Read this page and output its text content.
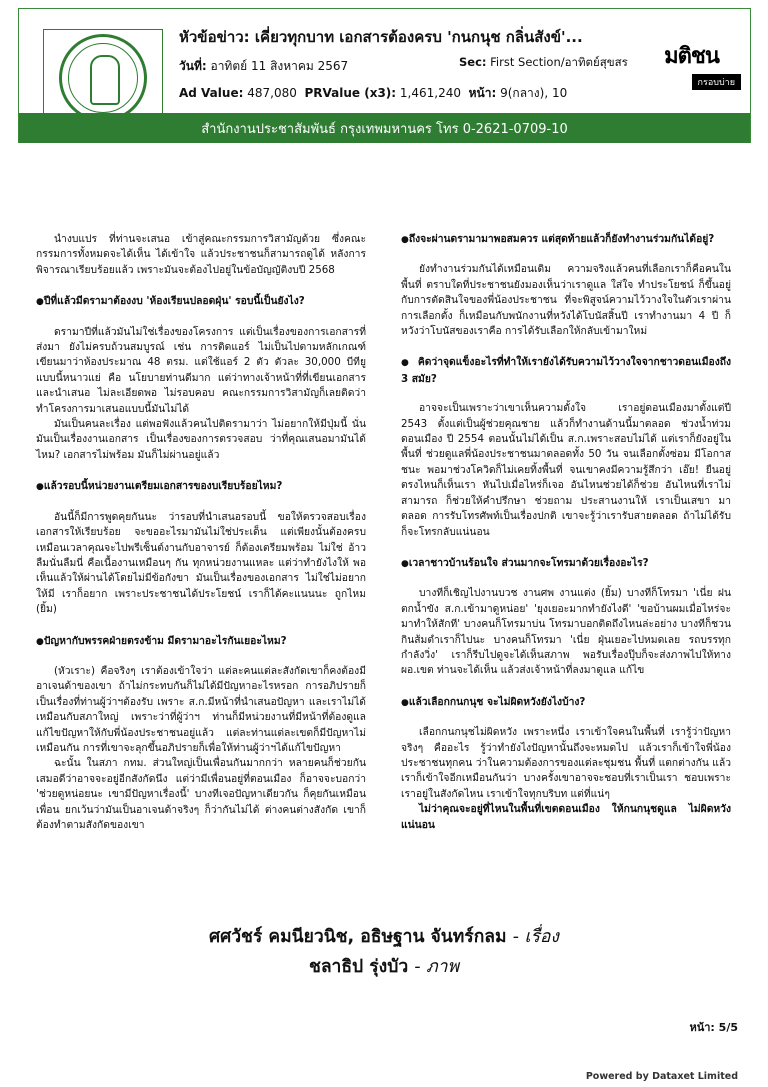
หัวข้อข่าว: เคี่ยวทุกบาท เอกสารต้องครบ 'กนกนุช กลิ่นสังข์'...
วันที่: อาทิตย์ 11 สิงหาคม 2567
Ad Value: 487,080 PRValue (x3): 1,461,240 หน้า: 9(กลาง), 10
Sec: First Section/อาทิตย์สุขสร มติชน
กรอบบ่าย
สำนักงานประชาสัมพันธ์ กรุงเทพมหานคร โทร 0-2621-0709-10

นำงบแปร ที่ท่านจะเสนอ เข้าสู่คณะกรรมการวิสามัญด้วย ซึ่งคณะกรรมการทั้งหมดจะได้เห็น ได้เข้าใจ แล้วประชาชนก็สามารถดูได้ หลังการพิจารณาเรียบร้อยแล้ว เพราะมันจะต้องไปอยู่ในข้อบัญญัติงบปี 2568

● ปีที่แล้วมีดรามาต้องงบ 'ห้องเรียนปลอดฝุ่น' รอบนี้เป็นยังไง?

ดรามาปีที่แล้วมันไม่ใช่เรื่องของโครงการ แต่เป็นเรื่องของการเอกสารที่ส่งมา ยังไม่ครบถ้วนสมบูรณ์ เช่น การติดแอร์ ไม่เป็นไปตามหลักเกณฑ์ เขียนมาว่าห้องประมาณ 48 ตรม. แต่ใช้แอร์ 2 ตัว ตัวละ 30,000 บีทียู แบบนี้หนาวแย่ คือ นโยบายท่านดีมาก แต่ว่าทางเจ้าหน้าที่ที่เขียนเอกสารและนำเสนอ ไม่ละเอียดพอ ไม่รอบคอบ คณะกรรมการวิสามัญก็เลยติดว่า ทำโครงการมาเสนอแบบนี้มันไม่ได้

มันเป็นคนละเรื่อง แต่พอฟังแล้วคนไปติดรามาว่า ไม่อยากให้มีปุ่มนี้ นั่นมันเป็นเรื่องงานเอกสาร เป็นเรื่องของการตรวจสอบ ว่าที่คุณเสนอมามันได้ไหม? เอกสารไม่พร้อม มันก็ไม่ผ่านอยู่แล้ว

● แล้วรอบนี้หน่วยงานเตรียมเอกสารของบเรียบร้อยไหม?

อันนี้ก็มีการพูดคุยกันนะ ว่ารอบที่นำเสนอรอบนี้ ขอให้ตรวจสอบเรื่องเอกสารให้เรียบร้อย จะขออะไรมามันไม่ใช่ประเด็น แต่เพียงนั้นต้องครบ เหมือนเวลาคุณจะไปพรีเซ็นต์งานกับอาจารย์ ก็ต้องเตรียมพร้อม ไม่ใช่ อ้าว ลืมนั่นลืมนี่ คือเนื้องานเหมือนๆ กัน ทุกหน่วยงานแหละ แต่ว่าทำยังไงให้ พอเห็นแล้วให้ผ่านได้โดยไม่มีข้อกังขา มันเป็นเรื่องของเอกสาร ไม่ใช่ไม่อยากให้มี เราก็อยาก เพราะประชาชนได้ประโยชน์ เราก็ได้คะแนนนะ ถูกไหม (ยิ้ม)

● ปัญหากับพรรคฝ่ายตรงข้าม มีดรามาอะไรกันเยอะไหม?

(หัวเราะ) คือจริงๆ เราต้องเข้าใจว่า แต่ละคนแต่ละสังกัดเขาก็คงต้องมีอาเจนด้าของเขา ถ้าไม่กระทบกันก็ไม่ได้มีปัญหาอะไรหรอก การอภิปรายก็เป็นเรื่องที่ท่านผู้ว่าฯต้องรับ เพราะ ส.ก.มีหน้าที่นำเสนอปัญหา และเราไม่ได้เหมือนกับสภาใหญ่ เพราะว่าที่ผู้ว่าฯ ท่านก็มีหน่วยงานที่มีหน้าที่ต้องดูแล แก้ไขปัญหาให้กับพี่น้องประชาชนอยู่แล้ว แต่ละท่านแต่ละเขตก็มีปัญหาไม่เหมือนกัน การที่เขาจะลุกขึ้นอภิปรายก็เพื่อให้ท่านผู้ว่าฯได้แก้ไขปัญหา

ฉะนั้น ในสภา กทม. ส่วนใหญ่เป็นเพื่อนกันมากกว่า หลายคนก็ช่วยกัน เสมอดีว่าอาจจะอยู่อีกสังกัดนึง แต่ว่ามีเพื่อนอยู่ที่ตอนเมือง ก็อาจจะบอกว่า 'ช่วยดูหน่อยนะ เขามีปัญหาเรื่องนี้' บางทีเจอปัญหาเดียวกัน ก็คุยกันเหมือนเพื่อน ยกเว้นว่ามันเป็นอาเจนด้าจริงๆ ก็ว่ากันไม่ได้ ต่างคนต่างสังกัด เขาก็ต้องทำตามสังกัดของเขา

● ถึงจะผ่านดรามามาพอสมควร แต่สุดท้ายแล้วก็ยังทำงานร่วมกันได้อยู่?

ยังทำงานร่วมกันได้เหมือนเดิม ความจริงแล้วคนที่เลือกเราก็คือคนในพื้นที่ ตราบใดที่ประชาชนยังมองเห็นว่าเราดูแล ใส่ใจ ทำประโยชน์ ก็ขึ้นอยู่กับการตัดสินใจของพี่น้องประชาชน ที่จะพิสูจน์ความไว้วางใจในตัวเราผ่านการเลือกตั้ง ก็เหมือนกับพนักงานที่หวังได้โบนัสสิ้นปี เราทำงานมา 4 ปี ก็หวังว่าโบนัสของเราคือ การได้รับเลือกให้กลับเข้ามาใหม่

● คิดว่าจุดแข็งอะไรที่ทำให้เรายังได้รับความไว้วางใจจากชาวดอนเมืองถึง 3 สมัย?

อาจจะเป็นเพราะว่าเขาเห็นความตั้งใจ เราอยู่ดอนเมืองมาตั้งแต่ปี 2543 ตั้งแต่เป็นผู้ช่วยคุณชาย แล้วก็ทำงานด้านนี้มาตลอด ช่วงน้ำท่วมดอนเมือง ปี 2554 ตอนนั้นไม่ได้เป็น ส.ก.เพราะสอบไม่ได้ แต่เราก็ยังอยู่ในพื้นที่ ช่วยดูแลพี่น้องประชาชนมาตลอดทั้ง 50 วัน จนเลือกตั้งซ่อม มีโอกาสชนะ พอมาช่วงโควิดก็ไม่เคยทิ้งพื้นที่ จนเขาคงมีความรู้สึกว่า เอ๊ย! ยืนอยู่ตรงไหนก็เห็นเรา หันไปเมื่อไหร่ก็เจอ อันไหนช่วยได้ก็ช่วย อันไหนที่เราไม่สามารถ ก็ช่วยให้คำปรึกษา ช่วยถาม ประสานงานให้ เราเป็นเสขา มาตลอด การรับโทรศัพท์เป็นเรื่องปกติ เขาจะรู้ว่าเรารับสายตลอด ถ้าไม่ได้รับก็จะโทรกลับแน่นอน

● เวลาชาวบ้านร้อนใจ ส่วนมากจะโทรมาด้วยเรื่องอะไร?

บางทีก็เชิญไปงานบวช งานศพ งานแต่ง (ยิ้ม) บางทีก็โทรมา 'เนี่ย ฝนตกน้ำขัง ส.ก.เข้ามาดูหน่อย' 'ยุงเยอะมากทำยังไงดี' 'ขอบ้านผมเมื่อไหร่จะมาทำให้สักที' บางคนก็โทรมาบ่น โทรมาบอกติดถึงไหนล่ะอย่าง บางทีก็ชวนกินส้มตำเราก็ไปนะ บางคนก็โทรมา 'เนี่ย ฝุ่นเยอะไปหมดเลย รถบรรทุกกำลังวิ่ง' เราก็รีบไปดูจะได้เห็นสภาพ พอรับเรื่องปุ๊บก็จะส่งภาพไปให้ทาง ผอ.เขต ท่านจะได้เห็น แล้วส่งเจ้าหน้าที่ลงมาดูแล แก้ไข

● แล้วเลือกกนกนุช จะไม่ผิดหวังยังไงบ้าง?

เลือกกนกนุชไม่ผิดหวัง เพราะหนึ่ง เราเข้าใจคนในพื้นที่ เรารู้ว่าปัญหาจริงๆ คืออะไร รู้ว่าทำยังไงปัญหานั้นถึงจะหมดไป แล้วเราก็เข้าใจพี่น้องประชาชนทุกคน ว่าในความต้องการของแต่ละชุมชน พื้นที่ แตกต่างกัน แล้วเราก็เข้าใจอีกเหมือนกันว่า บางครั้งเขาอาจจะชอบที่เราเป็นเรา ชอบเพราะเราอยู่ในสังกัดไหน เราเข้าใจทุกบริบท แต่ที่แน่ๆ

ไม่ว่าคุณจะอยู่ที่ไหนในพื้นที่เขตดอนเมือง ให้กนกนุชดูแล ไม่ผิดหวังแน่นอน

ศศวัชร์ คมนียวนิช, อธิษฐาน จันทร์กลม - เรื่อง
ชลาธิป รุ่งบัว - ภาพ
หน้า: 5/5
Powered by Dataxet Limited
